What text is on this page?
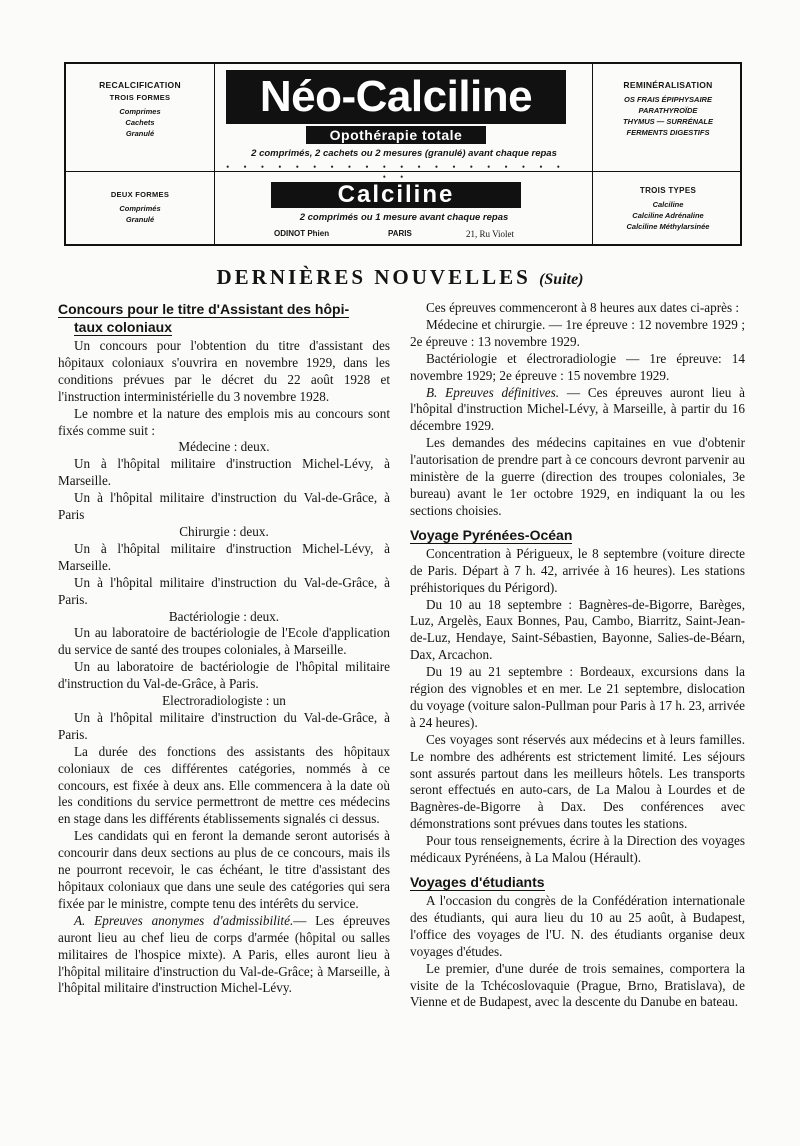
RECALCIFICATION
TROIS FORMES
Comprimes
Cachets
Granulé
Néo-Calciline
Opothérapie totale
2 comprimés, 2 cachets ou 2 mesures (granulé) avant chaque repas
• • • • • • • • • • • • • • • • • • • • • •
REMINÉRALISATION
OS FRAIS ÉPIPHYSAIRE
PARATHYROÏDE
THYMUS — SURRÉNALE
FERMENTS DIGESTIFS
DEUX FORMES
Comprimés
Granulé
Calciline
2 comprimés ou 1 mesure avant chaque repas
ODINOT Phien	PARIS	21, Ru Violet
TROIS TYPES
Calciline
Calciline Adrénaline
Calciline Méthylarsinée
DERNIÈRES NOUVELLES (Suite)
Concours pour le titre d'Assistant des hôpi-
taux coloniaux

Un concours pour l'obtention du titre d'assistant des hôpitaux coloniaux s'ouvrira en novembre 1929, dans les conditions prévues par le décret du 22 août 1928 et l'instruction interministérielle du 3 novembre 1928.

Le nombre et la nature des emplois mis au concours sont fixés comme suit :

Médecine : deux.

Un à l'hôpital militaire d'instruction Michel-Lévy, à Marseille.

Un à l'hôpital militaire d'instruction du Val-de-Grâce, à Paris

Chirurgie : deux.

Un à l'hôpital militaire d'instruction Michel-Lévy, à Marseille.

Un à l'hôpital militaire d'instruction du Val-de-Grâce, à Paris.

Bactériologie : deux.

Un au laboratoire de bactériologie de l'Ecole d'application du service de santé des troupes coloniales, à Marseille.

Un au laboratoire de bactériologie de l'hôpital militaire d'instruction du Val-de-Grâce, à Paris.

Electroradiologiste : un

Un à l'hôpital militaire d'instruction du Val-de-Grâce, à Paris.

La durée des fonctions des assistants des hôpitaux coloniaux de ces différentes catégories, nommés à ce concours, est fixée à deux ans. Elle commencera à la date où les conditions du service permettront de mettre ces médecins en stage dans les différents établissements signalés ci dessus.

Les candidats qui en feront la demande seront autorisés à concourir dans deux sections au plus de ce concours, mais ils ne pourront recevoir, le cas échéant, le titre d'assistant des hôpitaux coloniaux que dans une seule des catégories qui sera fixée par le ministre, compte tenu des intérêts du service.

A. Epreuves anonymes d'admissibilité.— Les épreuves auront lieu au chef lieu de corps d'armée (hôpital ou salles militaires de l'hospice mixte). A Paris, elles auront lieu à l'hôpital militaire d'instruction du Val-de-Grâce; à Marseille, à l'hôpital militaire d'instruction Michel-Lévy.

Ces épreuves commenceront à 8 heures aux dates ci-après :

Médecine et chirurgie. — 1re épreuve : 12 novembre 1929 ; 2e épreuve : 13 novembre 1929.

Bactériologie et électroradiologie — 1re épreuve: 14 novembre 1929; 2e épreuve : 15 novembre 1929.

B. Epreuves définitives. — Ces épreuves auront lieu à l'hôpital d'instruction Michel-Lévy, à Marseille, à partir du 16 décembre 1929.

Les demandes des médecins capitaines en vue d'obtenir l'autorisation de prendre part à ce concours devront parvenir au ministère de la guerre (direction des troupes coloniales, 3e bureau) avant le 1er octobre 1929, en indiquant la ou les sections choisies.

Voyage Pyrénées-Océan

Concentration à Périgueux, le 8 septembre (voiture directe de Paris. Départ à 7 h. 42, arrivée à 16 heures). Les stations préhistoriques du Périgord).

Du 10 au 18 septembre : Bagnères-de-Bigorre, Barèges, Luz, Argelès, Eaux Bonnes, Pau, Cambo, Biarritz, Saint-Jean-de-Luz, Hendaye, Saint-Sébastien, Bayonne, Salies-de-Béarn, Dax, Arcachon.

Du 19 au 21 septembre : Bordeaux, excursions dans la région des vignobles et en mer. Le 21 septembre, dislocation du voyage (voiture salon-Pullman pour Paris à 17 h. 23, arrivée à 24 heures).

Ces voyages sont réservés aux médecins et à leurs familles. Le nombre des adhérents est strictement limité. Les séjours sont assurés partout dans les meilleurs hôtels. Les transports seront effectués en auto-cars, de La Malou à Lourdes et de Bagnères-de-Bigorre à Dax. Des conférences avec démonstrations sont prévues dans toutes les stations.

Pour tous renseignements, écrire à la Direction des voyages médicaux Pyrénéens, à La Malou (Hérault).

Voyages d'étudiants

A l'occasion du congrès de la Confédération internationale des étudiants, qui aura lieu du 10 au 25 août, à Budapest, l'office des voyages de l'U. N. des étudiants organise deux voyages d'études.

Le premier, d'une durée de trois semaines, comportera la visite de la Tchécoslovaquie (Prague, Brno, Bratislava), de Vienne et de Budapest, avec la descente du Danube en bateau.
